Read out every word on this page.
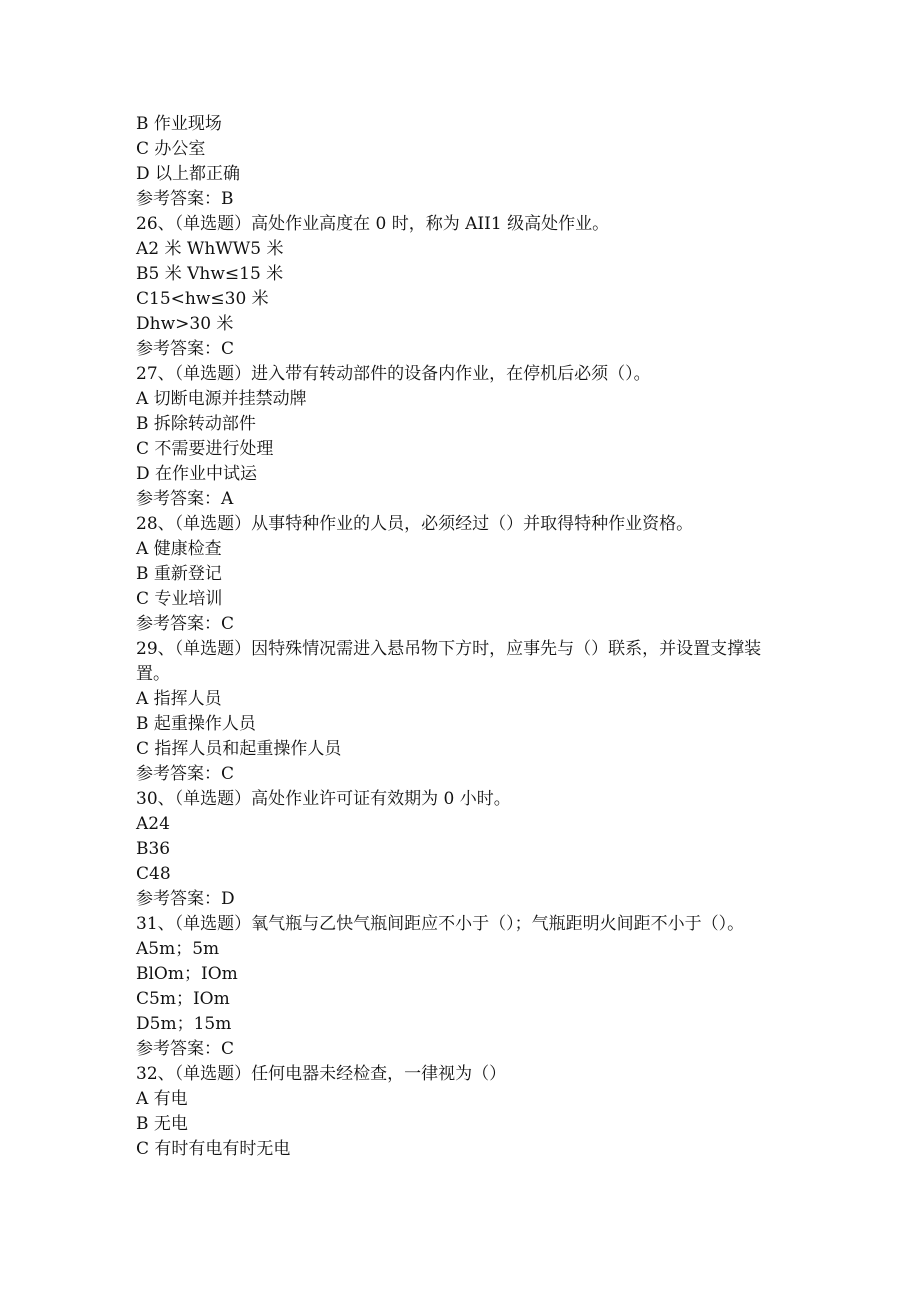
B 作业现场
C 办公室
D 以上都正确
参考答案：B
26、（单选题）高处作业高度在 0 时，称为 AII1 级高处作业。
A2 米 WhWW5 米
B5 米 Vhw≤15 米
C15<hw≤30 米
Dhw>30 米
参考答案：C
27、（单选题）进入带有转动部件的设备内作业，在停机后必须（）。
A 切断电源并挂禁动牌
B 拆除转动部件
C 不需要进行处理
D 在作业中试运
参考答案：A
28、（单选题）从事特种作业的人员，必须经过（）并取得特种作业资格。
A 健康检查
B 重新登记
C 专业培训
参考答案：C
29、（单选题）因特殊情况需进入悬吊物下方时，应事先与（）联系，并设置支撑装置。
A 指挥人员
B 起重操作人员
C 指挥人员和起重操作人员
参考答案：C
30、（单选题）高处作业许可证有效期为 0 小时。
A24
B36
C48
参考答案：D
31、（单选题）氧气瓶与乙快气瓶间距应不小于（）；气瓶距明火间距不小于（）。
A5m；5m
BlOm；IOm
C5m；IOm
D5m；15m
参考答案：C
32、（单选题）任何电器未经检查，一律视为（）
A 有电
B 无电
C 有时有电有时无电
